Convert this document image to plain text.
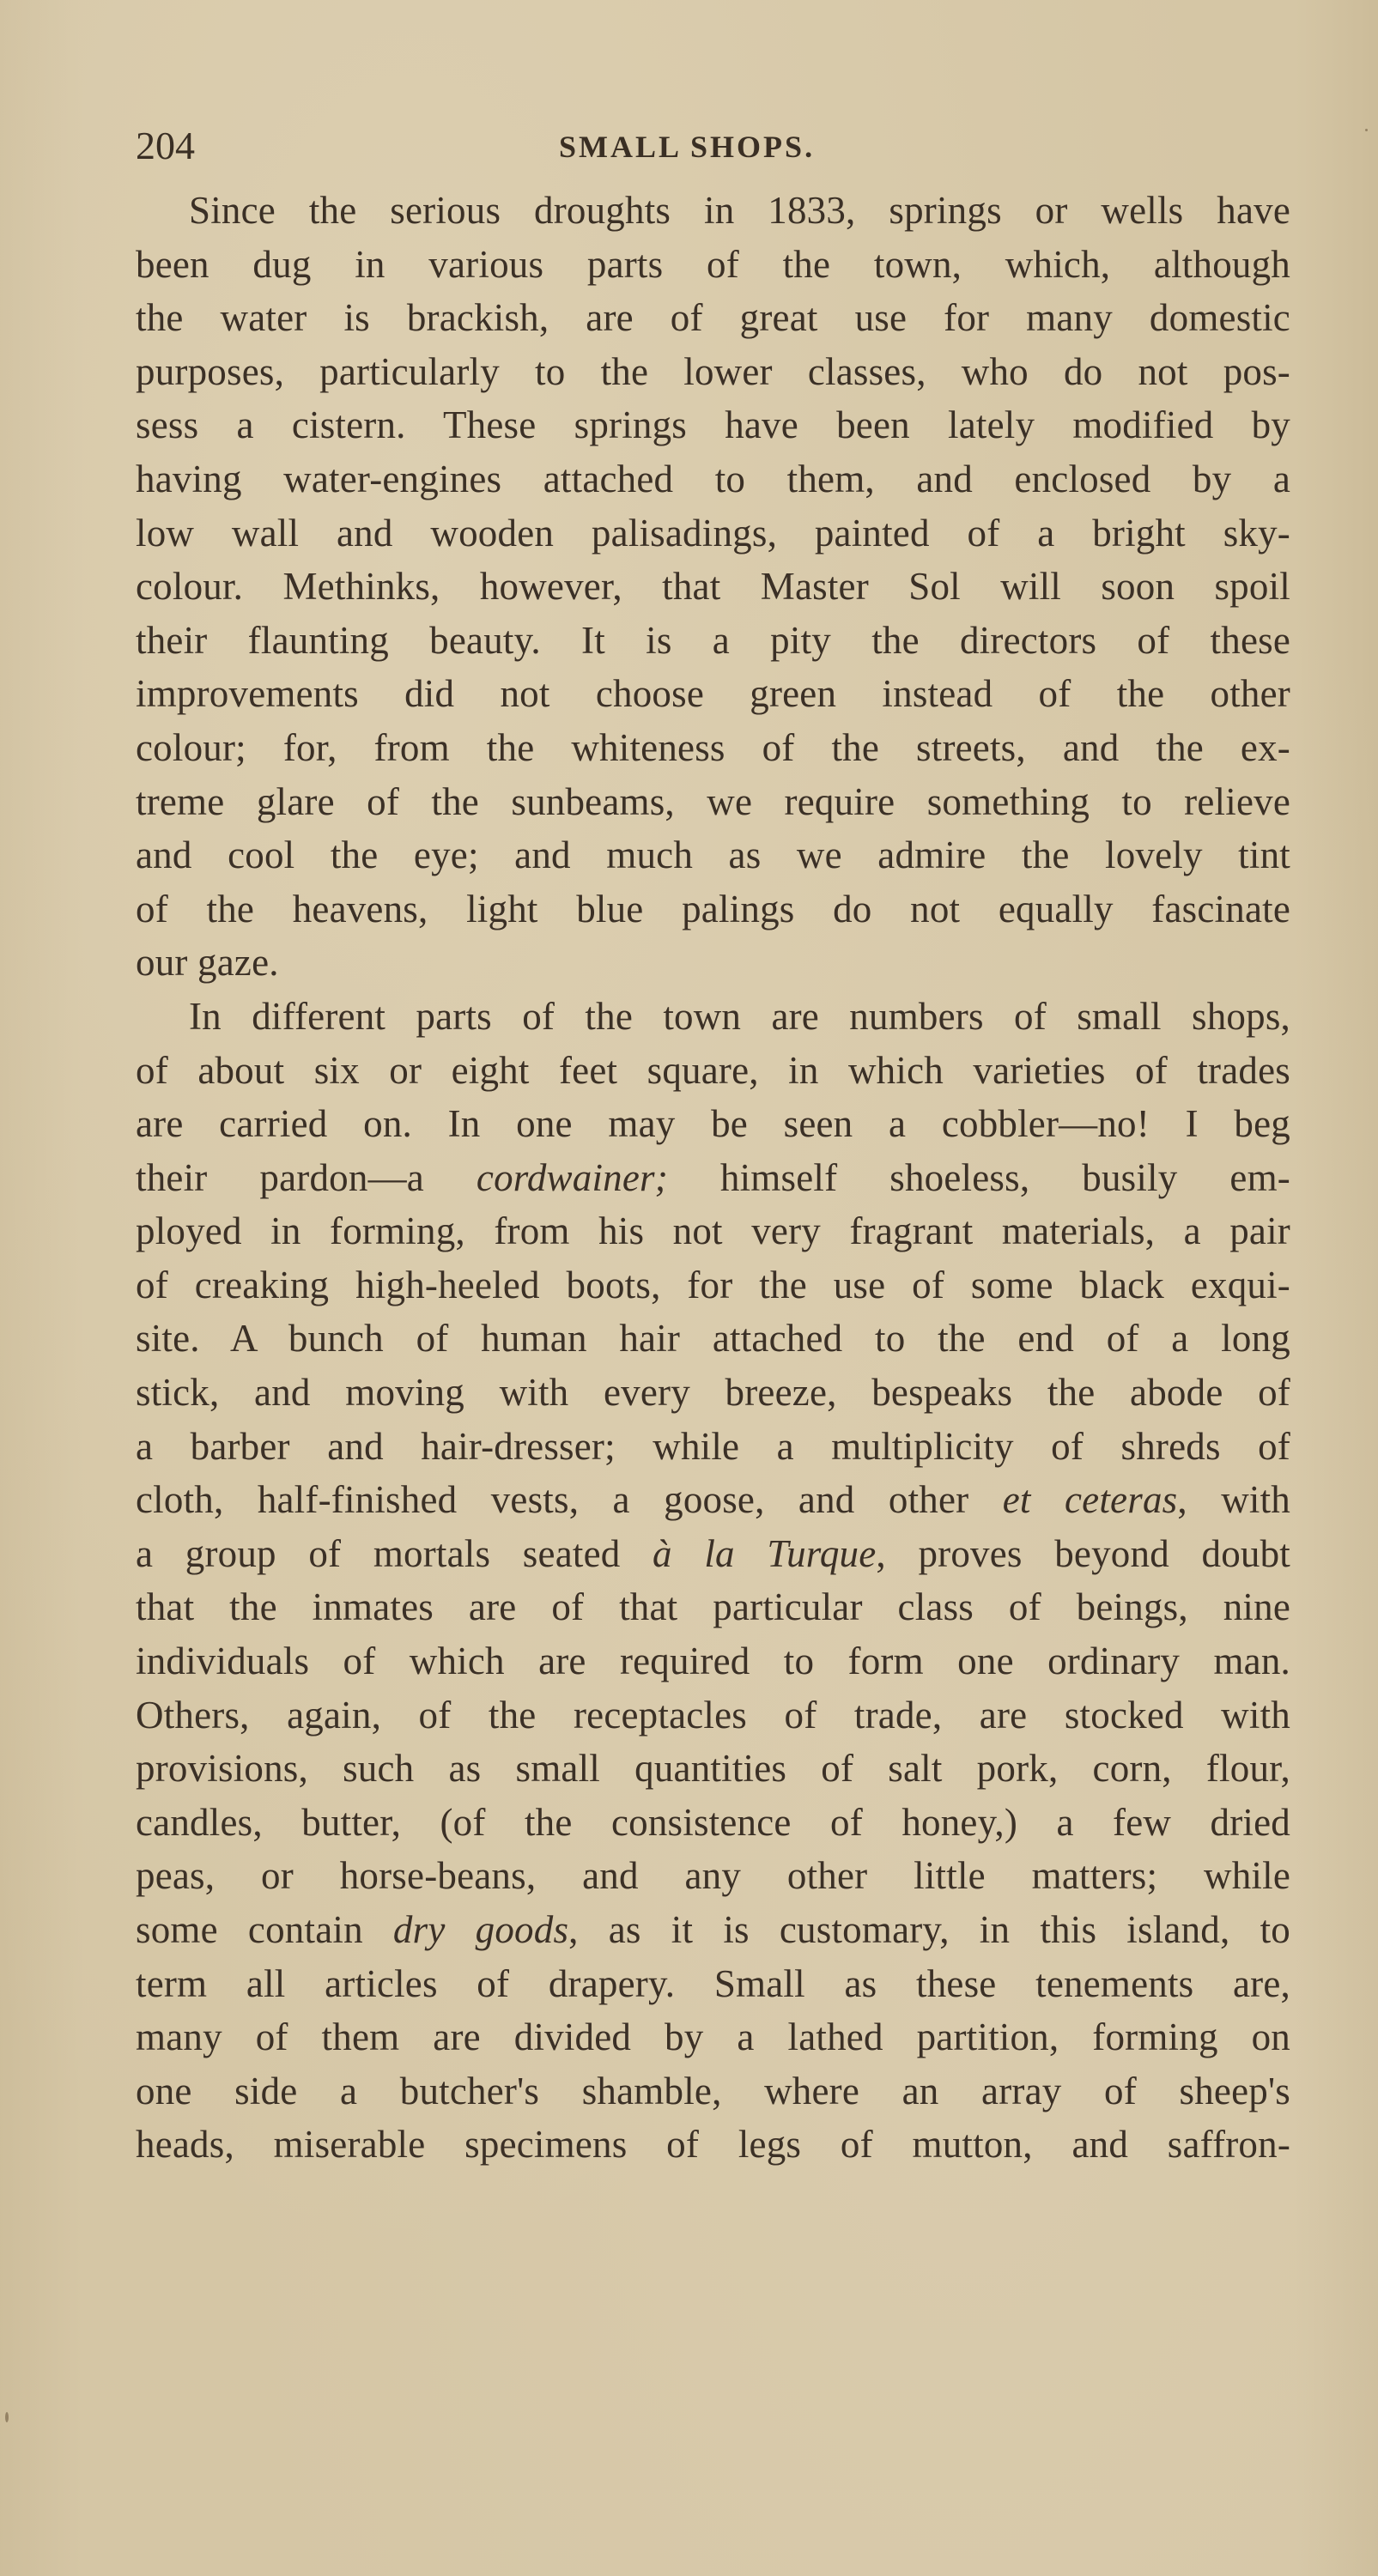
204	SMALL SHOPS.
Since the serious droughts in 1833, springs or wells have
been dug in various parts of the town, which, although
the water is brackish, are of great use for many domestic
purposes, particularly to the lower classes, who do not pos-
sess a cistern. These springs have been lately modified by
having water-engines attached to them, and enclosed by a
low wall and wooden palisadings, painted of a bright sky-
colour. Methinks, however, that Master Sol will soon spoil
their flaunting beauty. It is a pity the directors of these
improvements did not choose green instead of the other
colour; for, from the whiteness of the streets, and the ex-
treme glare of the sunbeams, we require something to relieve
and cool the eye; and much as we admire the lovely tint
of the heavens, light blue palings do not equally fascinate
our gaze.
In different parts of the town are numbers of small shops,
of about six or eight feet square, in which varieties of trades
are carried on. In one may be seen a cobbler—no! I beg
their pardon—a cordwainer; himself shoeless, busily em-
ployed in forming, from his not very fragrant materials, a pair
of creaking high-heeled boots, for the use of some black exqui-
site. A bunch of human hair attached to the end of a long
stick, and moving with every breeze, bespeaks the abode of
a barber and hair-dresser; while a multiplicity of shreds of
cloth, half-finished vests, a goose, and other et ceteras, with
a group of mortals seated à la Turque, proves beyond doubt
that the inmates are of that particular class of beings, nine
individuals of which are required to form one ordinary man.
Others, again, of the receptacles of trade, are stocked with
provisions, such as small quantities of salt pork, corn, flour,
candles, butter, (of the consistence of honey,) a few dried
peas, or horse-beans, and any other little matters; while
some contain dry goods, as it is customary, in this island, to
term all articles of drapery. Small as these tenements are,
many of them are divided by a lathed partition, forming on
one side a butcher's shamble, where an array of sheep's
heads, miserable specimens of legs of mutton, and saffron-
